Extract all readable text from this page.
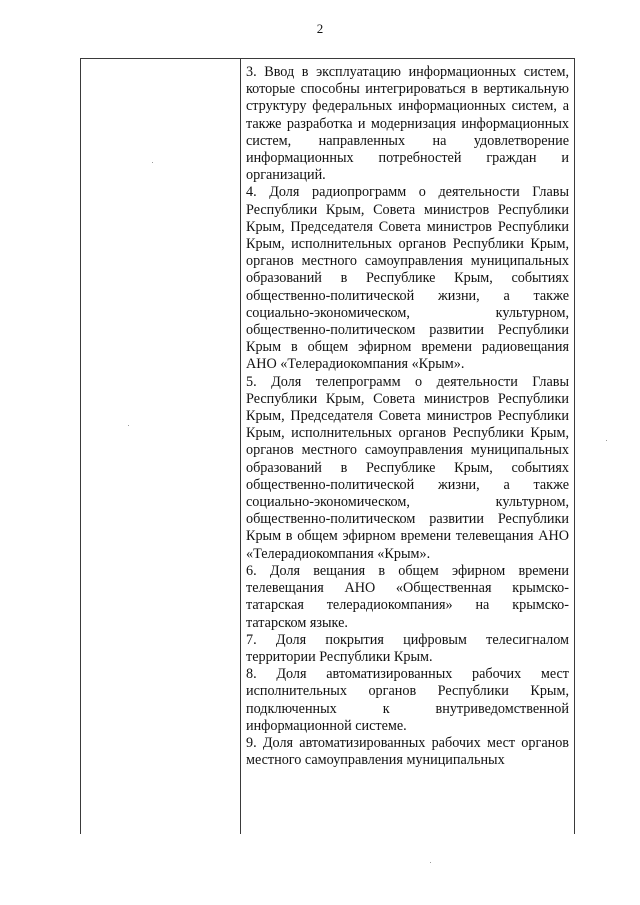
2

3. Ввод в эксплуатацию информационных систем, которые способны интегрироваться в вертикальную структуру федеральных информационных систем, а также разработка и модернизация информационных систем, направленных на удовлетворение информационных потребностей граждан и организаций.

4. Доля радиопрограмм о деятельности Главы Республики Крым, Совета министров Республики Крым, Председателя Совета министров Республики Крым, исполнительных органов Республики Крым, органов местного самоуправления муниципальных образований в Республике Крым, событиях общественно-политической жизни, а также социально-экономическом, культурном, общественно-политическом развитии Республики Крым в общем эфирном времени радиовещания АНО «Телерадиокомпания «Крым».

5. Доля телепрограмм о деятельности Главы Республики Крым, Совета министров Республики Крым, Председателя Совета министров Республики Крым, исполнительных органов Республики Крым, органов местного самоуправления муниципальных образований в Республике Крым, событиях общественно-политической жизни, а также социально-экономическом, культурном, общественно-политическом развитии Республики Крым в общем эфирном времени телевещания АНО «Телерадиокомпания «Крым».

6. Доля вещания в общем эфирном времени телевещания АНО «Общественная крымско-татарская телерадиокомпания» на крымско-татарском языке.

7. Доля покрытия цифровым телесигналом территории Республики Крым.

8. Доля автоматизированных рабочих мест исполнительных органов Республики Крым, подключенных к внутриведомственной информационной системе.

9. Доля автоматизированных рабочих мест органов местного самоуправления муниципальных
